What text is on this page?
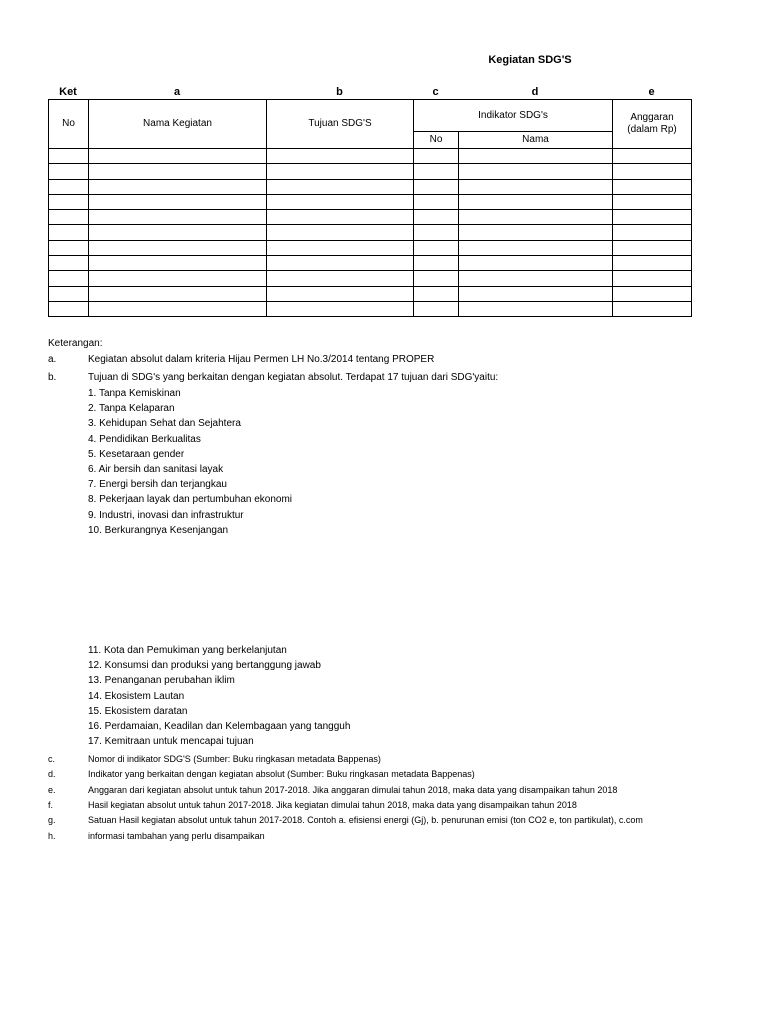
Kegiatan SDG'S
Ket	a	b	c	d	e
No	Nama Kegiatan	Tujuan SDG'S	Indikator SDG's		Anggaran
(dalam Rp)
			No	Nama	

Keterangan:
a.	Kegiatan absolut dalam kriteria Hijau Permen LH No.3/2014 tentang PROPER
b.	Tujuan di SDG's yang berkaitan dengan kegiatan absolut. Terdapat 17 tujuan dari SDG'yaitu:
1. Tanpa Kemiskinan
2. Tanpa Kelaparan
3. Kehidupan Sehat dan Sejahtera
4. Pendidikan Berkualitas
5. Kesetaraan gender
6. Air bersih dan sanitasi layak
7. Energi bersih dan terjangkau
8. Pekerjaan layak dan pertumbuhan ekonomi
9. Industri, inovasi dan infrastruktur
10. Berkurangnya Kesenjangan
11. Kota dan Pemukiman yang berkelanjutan
12. Konsumsi dan produksi yang bertanggung jawab
13. Penanganan perubahan iklim
14. Ekosistem Lautan
15. Ekosistem daratan
16. Perdamaian, Keadilan dan Kelembagaan yang tangguh
17. Kemitraan untuk mencapai tujuan
c.	Nomor di indikator SDG'S (Sumber: Buku ringkasan metadata Bappenas)
d.	Indikator yang berkaitan dengan kegiatan absolut (Sumber: Buku ringkasan metadata Bappenas)
e.	Anggaran dari kegiatan absolut untuk tahun 2017-2018. Jika anggaran dimulai tahun 2018, maka data yang disampaikan tahun 2018
f.	Hasil kegiatan absolut untuk tahun 2017-2018. Jika kegiatan dimulai tahun 2018, maka data yang disampaikan tahun 2018
g.	Satuan Hasil kegiatan absolut untuk tahun 2017-2018. Contoh a. efisiensi energi (Gj), b. penurunan emisi (ton CO2 e, ton partikulat), c.com
h.	informasi tambahan yang perlu disampaikan
